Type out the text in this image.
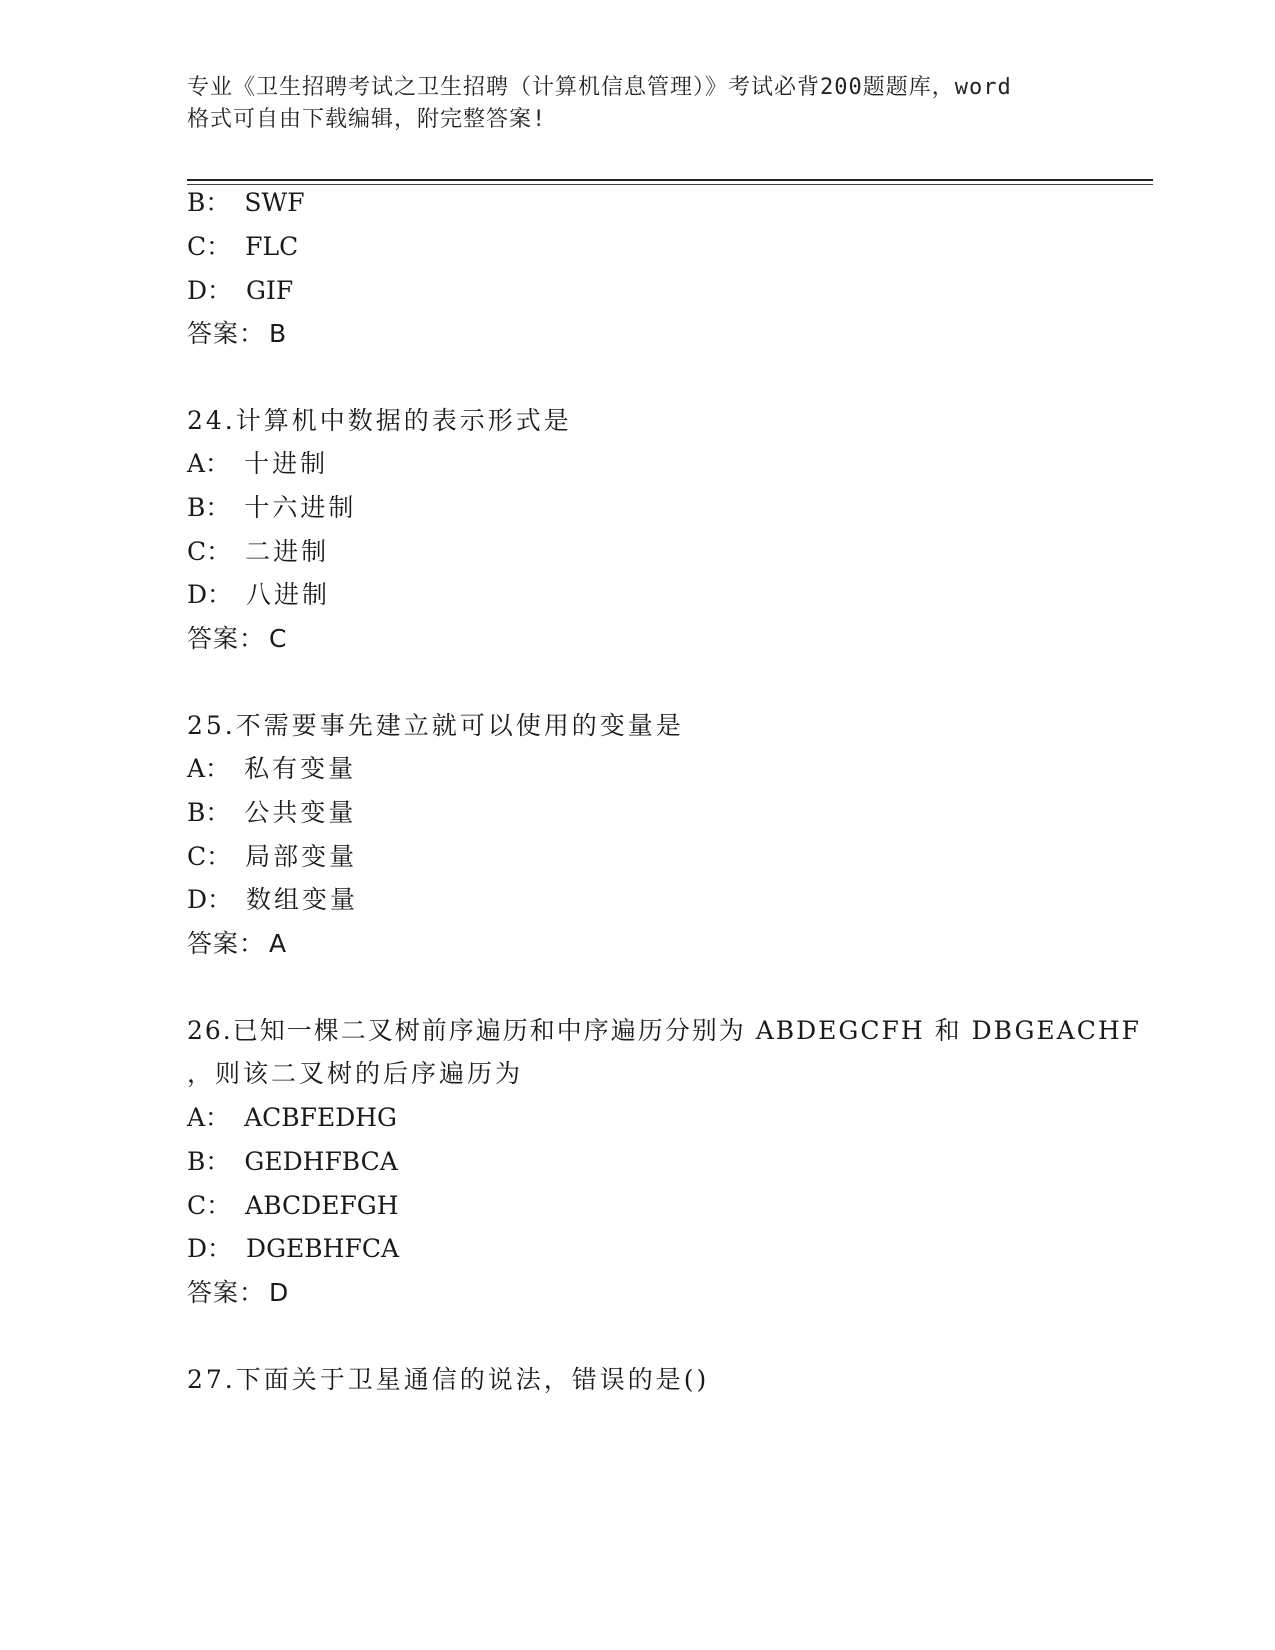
专业《卫生招聘考试之卫生招聘（计算机信息管理）》考试必背200题题库，word
格式可自由下载编辑，附完整答案!
B： SWF
C： FLC
D： GIF
答案： B
24.计算机中数据的表示形式是
A： 十进制
B： 十六进制
C： 二进制
D： 八进制
答案： C
25.不需要事先建立就可以使用的变量是
A： 私有变量
B： 公共变量
C： 局部变量
D： 数组变量
答案： A
26.已知一棵二叉树前序遍历和中序遍历分别为 ABDEGCFH 和 DBGEACHF
，则该二叉树的后序遍历为
A： ACBFEDHG
B： GEDHFBCA
C： ABCDEFGH
D： DGEBHFCA
答案： D
27.下面关于卫星通信的说法，错误的是()
